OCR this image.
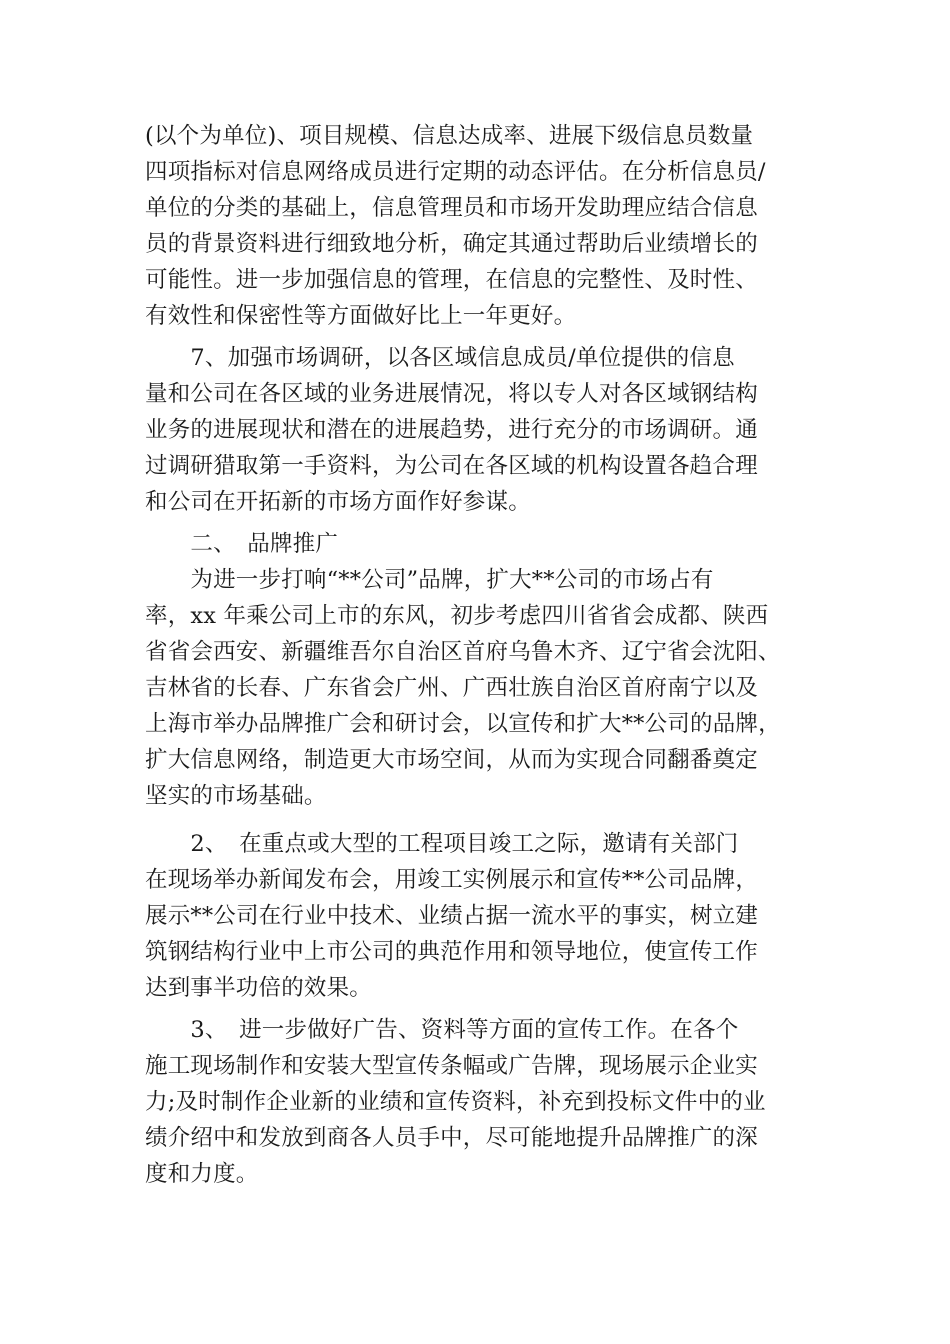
(以个为单位)、项目规模、信息达成率、进展下级信息员数量
四项指标对信息网络成员进行定期的动态评估。在分析信息员/
单位的分类的基础上，信息管理员和市场开发助理应结合信息
员的背景资料进行细致地分析，确定其通过帮助后业绩增长的
可能性。进一步加强信息的管理，在信息的完整性、及时性、
有效性和保密性等方面做好比上一年更好。
　　7、加强市场调研，以各区域信息成员/单位提供的信息
量和公司在各区域的业务进展情况，将以专人对各区域钢结构
业务的进展现状和潜在的进展趋势，进行充分的市场调研。通
过调研猎取第一手资料，为公司在各区域的机构设置各趋合理
和公司在开拓新的市场方面作好参谋。
　　二、　品牌推广
　　为进一步打响“**公司”品牌，扩大**公司的市场占有
率，xx 年乘公司上市的东风，初步考虑四川省省会成都、陕西
省省会西安、新疆维吾尔自治区首府乌鲁木齐、辽宁省会沈阳、
吉林省的长春、广东省会广州、广西壮族自治区首府南宁以及
上海市举办品牌推广会和研讨会，以宣传和扩大**公司的品牌，
扩大信息网络，制造更大市场空间，从而为实现合同翻番奠定
坚实的市场基础。
　　2、　在重点或大型的工程项目竣工之际，邀请有关部门
在现场举办新闻发布会，用竣工实例展示和宣传**公司品牌，
展示**公司在行业中技术、业绩占据一流水平的事实，树立建
筑钢结构行业中上市公司的典范作用和领导地位，使宣传工作
达到事半功倍的效果。
　　3、　进一步做好广告、资料等方面的宣传工作。在各个
施工现场制作和安装大型宣传条幅或广告牌，现场展示企业实
力;及时制作企业新的业绩和宣传资料，补充到投标文件中的业
绩介绍中和发放到商各人员手中，尽可能地提升品牌推广的深
度和力度。
